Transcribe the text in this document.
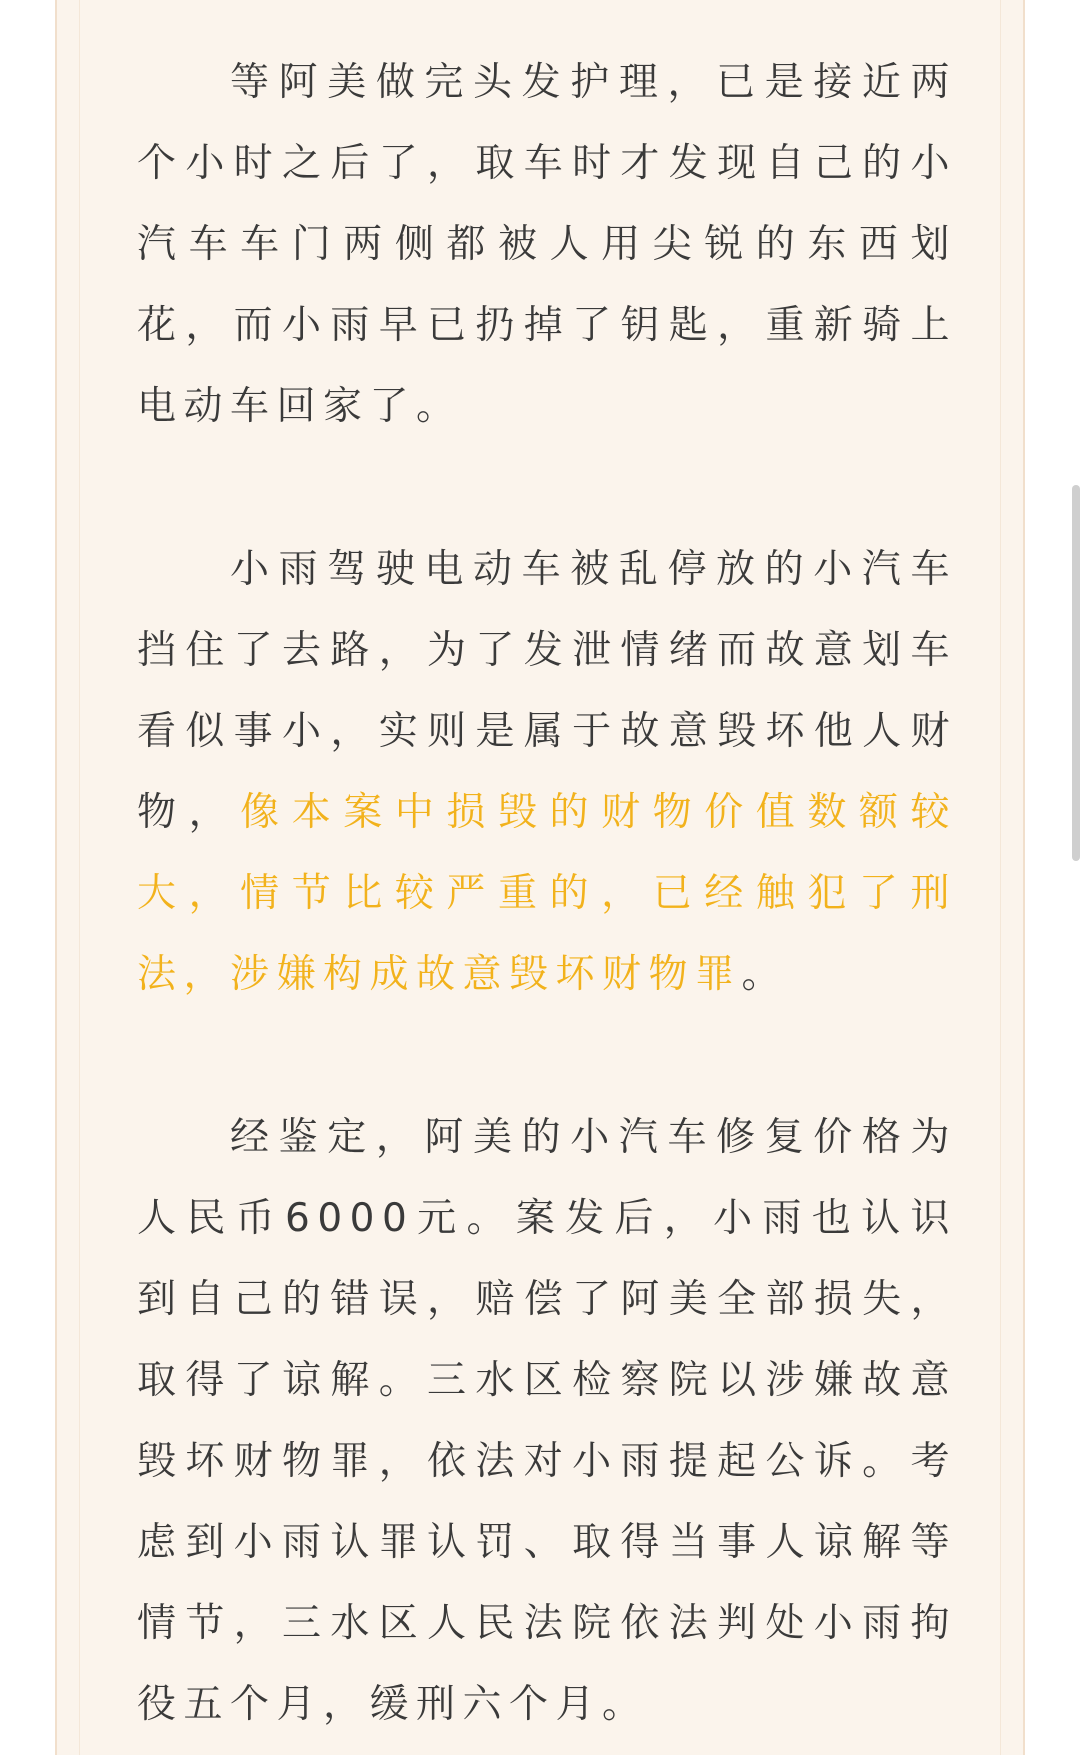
等阿美做完头发护理，已是接近两个小时之后了，取车时才发现自己的小汽车车门两侧都被人用尖锐的东西划花，而小雨早已扔掉了钥匙，重新骑上电动车回家了。

小雨驾驶电动车被乱停放的小汽车挡住了去路，为了发泄情绪而故意划车看似事小，实则是属于故意毁坏他人财物，像本案中损毁的财物价值数额较大，情节比较严重的，已经触犯了刑法，涉嫌构成故意毁坏财物罪。

经鉴定，阿美的小汽车修复价格为人民币6000元。案发后，小雨也认识到自己的错误，赔偿了阿美全部损失，取得了谅解。三水区检察院以涉嫌故意毁坏财物罪，依法对小雨提起公诉。考虑到小雨认罪认罚、取得当事人谅解等情节，三水区人民法院依法判处小雨拘役五个月，缓刑六个月。
